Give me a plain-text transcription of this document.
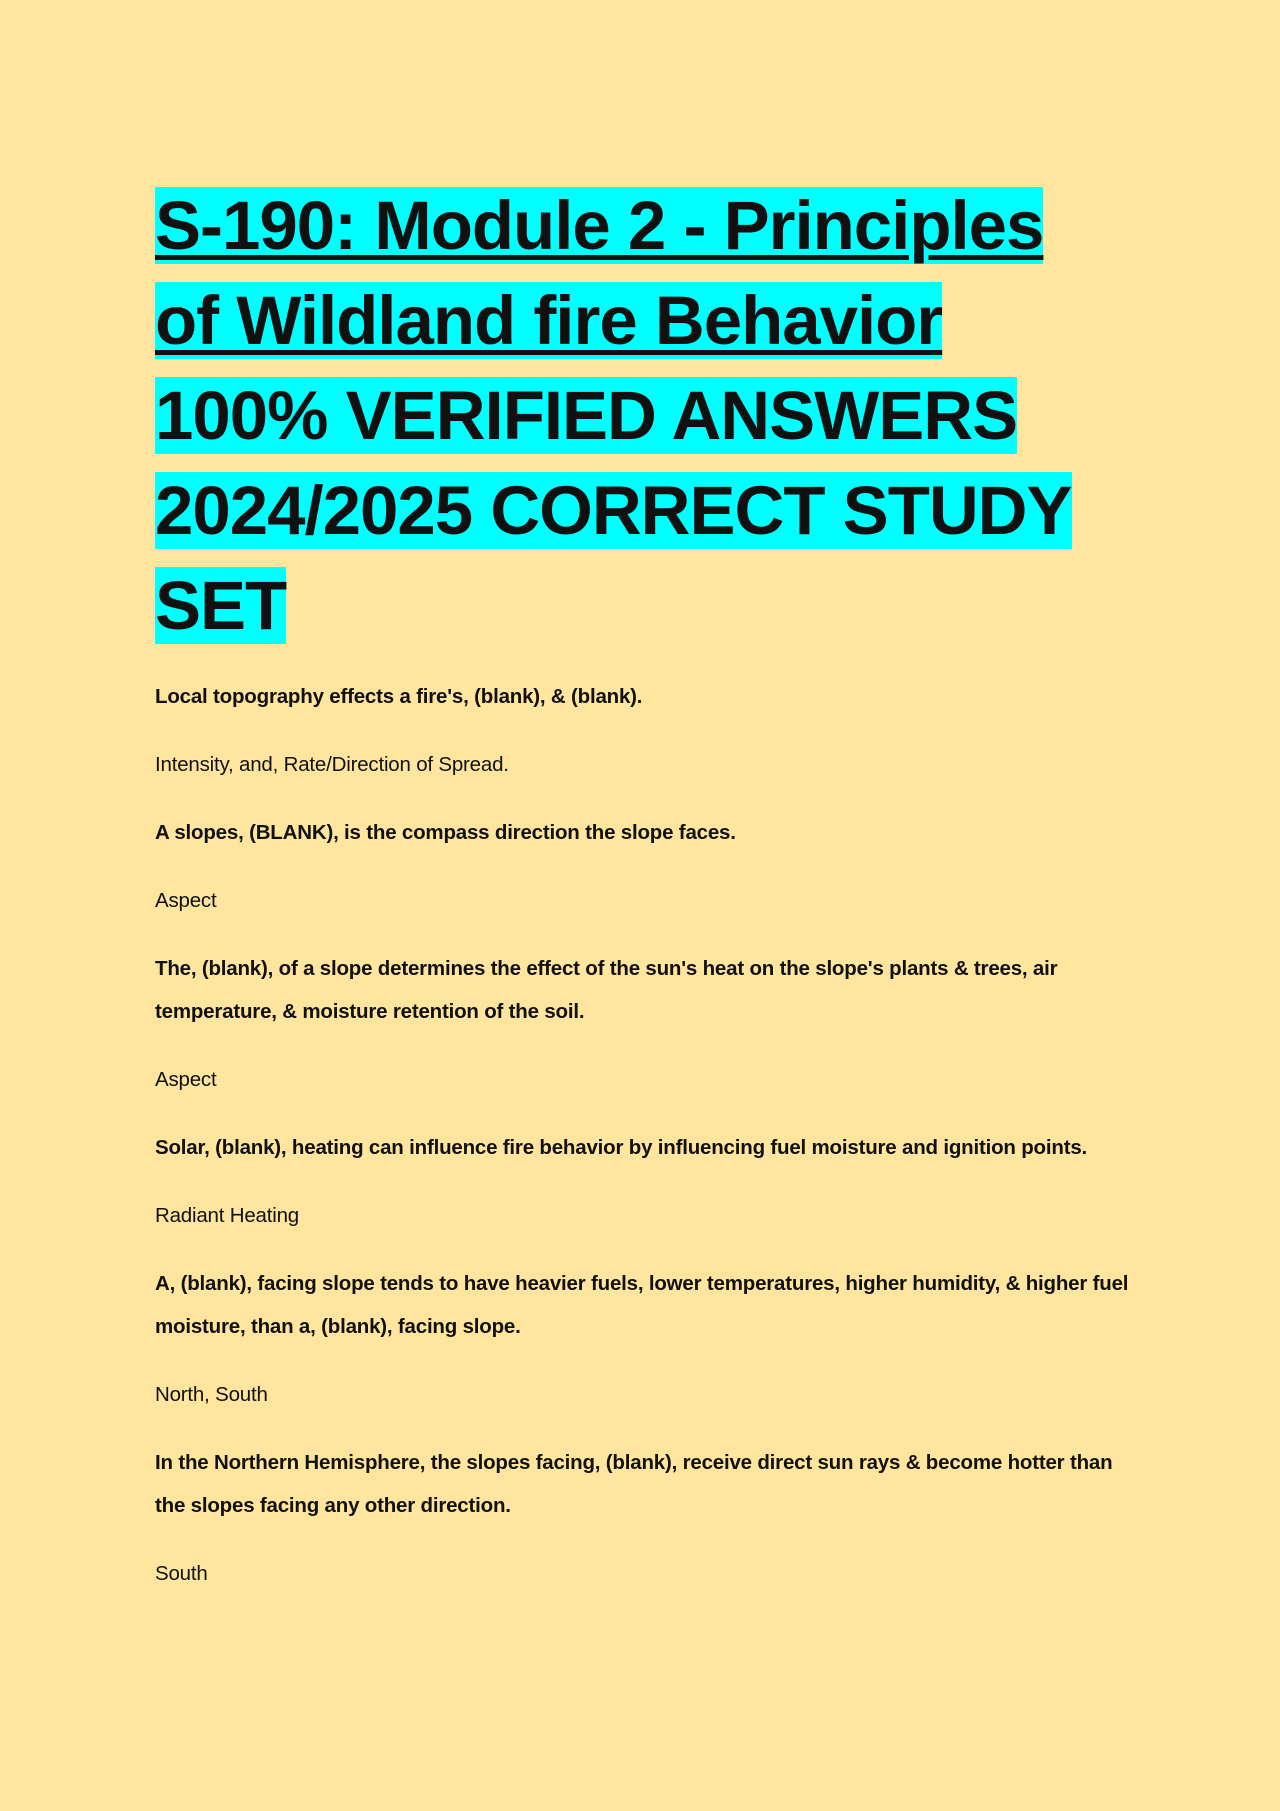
S-190: Module 2 - Principles
of Wildland fire Behavior
100% VERIFIED ANSWERS
2024/2025 CORRECT STUDY
SET

Local topography effects a fire's, (blank), & (blank).

Intensity, and, Rate/Direction of Spread.

A slopes, (BLANK), is the compass direction the slope faces.

Aspect

The, (blank), of a slope determines the effect of the sun's heat on the slope's plants & trees, air temperature, & moisture retention of the soil.

Aspect

Solar, (blank), heating can influence fire behavior by influencing fuel moisture and ignition points.

Radiant Heating

A, (blank), facing slope tends to have heavier fuels, lower temperatures, higher humidity, & higher fuel moisture, than a, (blank), facing slope.

North, South

In the Northern Hemisphere, the slopes facing, (blank), receive direct sun rays & become hotter than the slopes facing any other direction.

South
